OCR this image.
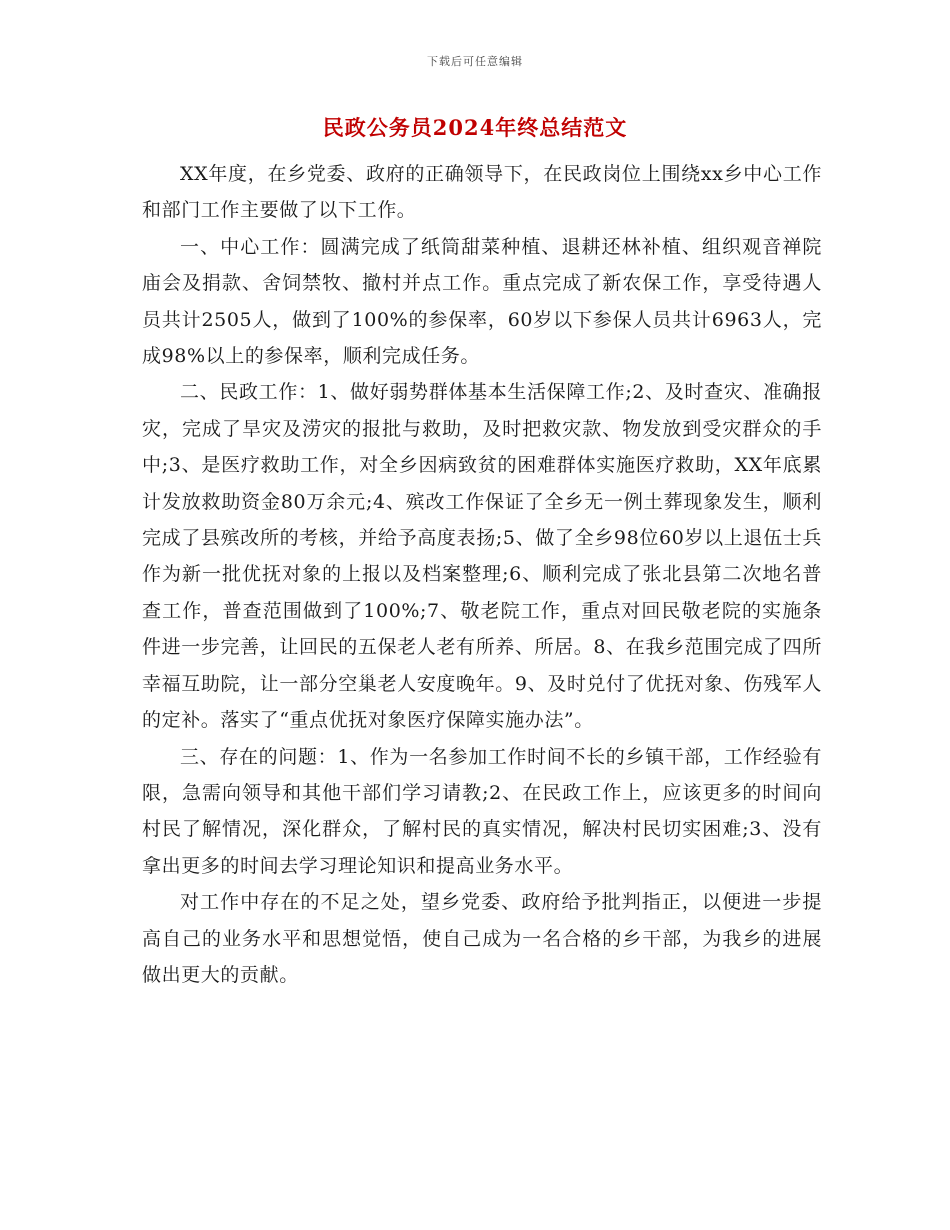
下载后可任意编辑
民政公务员2024年终总结范文

XX年度，在乡党委、政府的正确领导下，在民政岗位上围绕xx乡中心工作和部门工作主要做了以下工作。

一、中心工作：圆满完成了纸筒甜菜种植、退耕还林补植、组织观音禅院庙会及捐款、舍饲禁牧、撤村并点工作。重点完成了新农保工作，享受待遇人员共计2505人，做到了100%的参保率，60岁以下参保人员共计6963人，完成98%以上的参保率，顺利完成任务。

二、民政工作：1、做好弱势群体基本生活保障工作;2、及时查灾、准确报灾，完成了旱灾及涝灾的报批与救助，及时把救灾款、物发放到受灾群众的手中;3、是医疗救助工作，对全乡因病致贫的困难群体实施医疗救助，XX年底累计发放救助资金80万余元;4、殡改工作保证了全乡无一例土葬现象发生，顺利完成了县殡改所的考核，并给予高度表扬;5、做了全乡98位60岁以上退伍士兵作为新一批优抚对象的上报以及档案整理;6、顺利完成了张北县第二次地名普查工作，普查范围做到了100%;7、敬老院工作，重点对回民敬老院的实施条件进一步完善，让回民的五保老人老有所养、所居。8、在我乡范围完成了四所幸福互助院，让一部分空巢老人安度晚年。9、及时兑付了优抚对象、伤残军人的定补。落实了“重点优抚对象医疗保障实施办法”。

三、存在的问题：1、作为一名参加工作时间不长的乡镇干部，工作经验有限，急需向领导和其他干部们学习请教;2、在民政工作上，应该更多的时间向村民了解情况，深化群众，了解村民的真实情况，解决村民切实困难;3、没有拿出更多的时间去学习理论知识和提高业务水平。

对工作中存在的不足之处，望乡党委、政府给予批判指正，以便进一步提高自己的业务水平和思想觉悟，使自己成为一名合格的乡干部，为我乡的进展做出更大的贡献。
